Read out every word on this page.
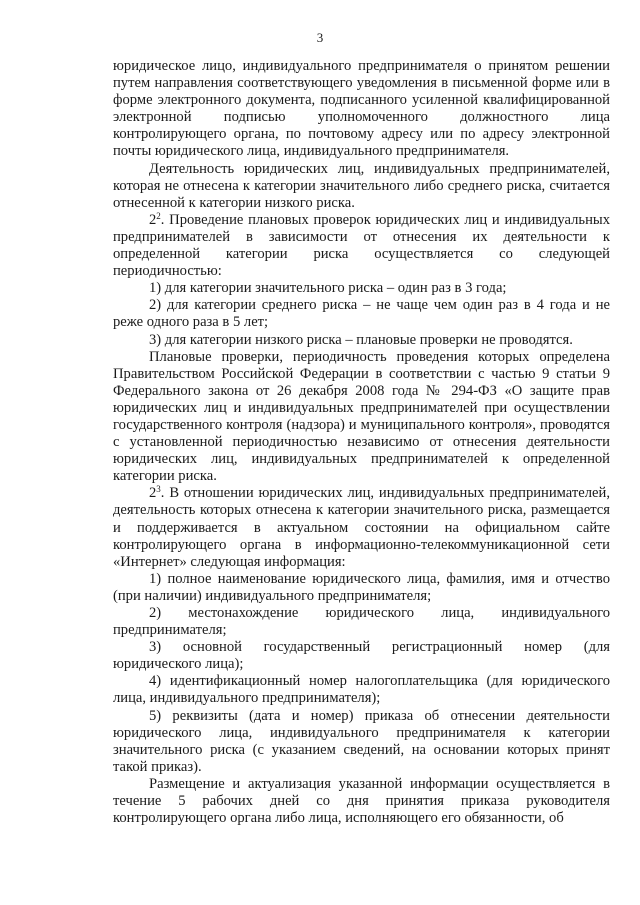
3

юридическое лицо, индивидуального предпринимателя о принятом решении путем направления соответствующего уведомления в письменной форме или в форме электронного документа, подписанного усиленной квалифицированной электронной подписью уполномоченного должностного лица контролирующего органа, по почтовому адресу или по адресу электронной почты юридического лица, индивидуального предпринимателя.

Деятельность юридических лиц, индивидуальных предпринимателей, которая не отнесена к категории значительного либо среднего риска, считается отнесенной к категории низкого риска.

$2^2$. Проведение плановых проверок юридических лиц и индивидуальных предпринимателей в зависимости от отнесения их деятельности к определенной категории риска осуществляется со следующей периодичностью:

1) для категории значительного риска – один раз в 3 года;

2) для категории среднего риска – не чаще чем один раз в 4 года и не реже одного раза в 5 лет;

3) для категории низкого риска – плановые проверки не проводятся.

Плановые проверки, периодичность проведения которых определена Правительством Российской Федерации в соответствии с частью 9 статьи 9 Федерального закона от 26 декабря 2008 года № 294-ФЗ «О защите прав юридических лиц и индивидуальных предпринимателей при осуществлении государственного контроля (надзора) и муниципального контроля», проводятся с установленной периодичностью независимо от отнесения деятельности юридических лиц, индивидуальных предпринимателей к определенной категории риска.

$2^3$. В отношении юридических лиц, индивидуальных предпринимателей, деятельность которых отнесена к категории значительного риска, размещается и поддерживается в актуальном состоянии на официальном сайте контролирующего органа в информационно-телекоммуникационной сети «Интернет» следующая информация:

1) полное наименование юридического лица, фамилия, имя и отчество (при наличии) индивидуального предпринимателя;

2) местонахождение юридического лица, индивидуального предпринимателя;

3) основной государственный регистрационный номер (для юридического лица);

4) идентификационный номер налогоплательщика (для юридического лица, индивидуального предпринимателя);

5) реквизиты (дата и номер) приказа об отнесении деятельности юридического лица, индивидуального предпринимателя к категории значительного риска (с указанием сведений, на основании которых принят такой приказ).

Размещение и актуализация указанной информации осуществляется в течение 5 рабочих дней со дня принятия приказа руководителя контролирующего органа либо лица, исполняющего его обязанности, об
